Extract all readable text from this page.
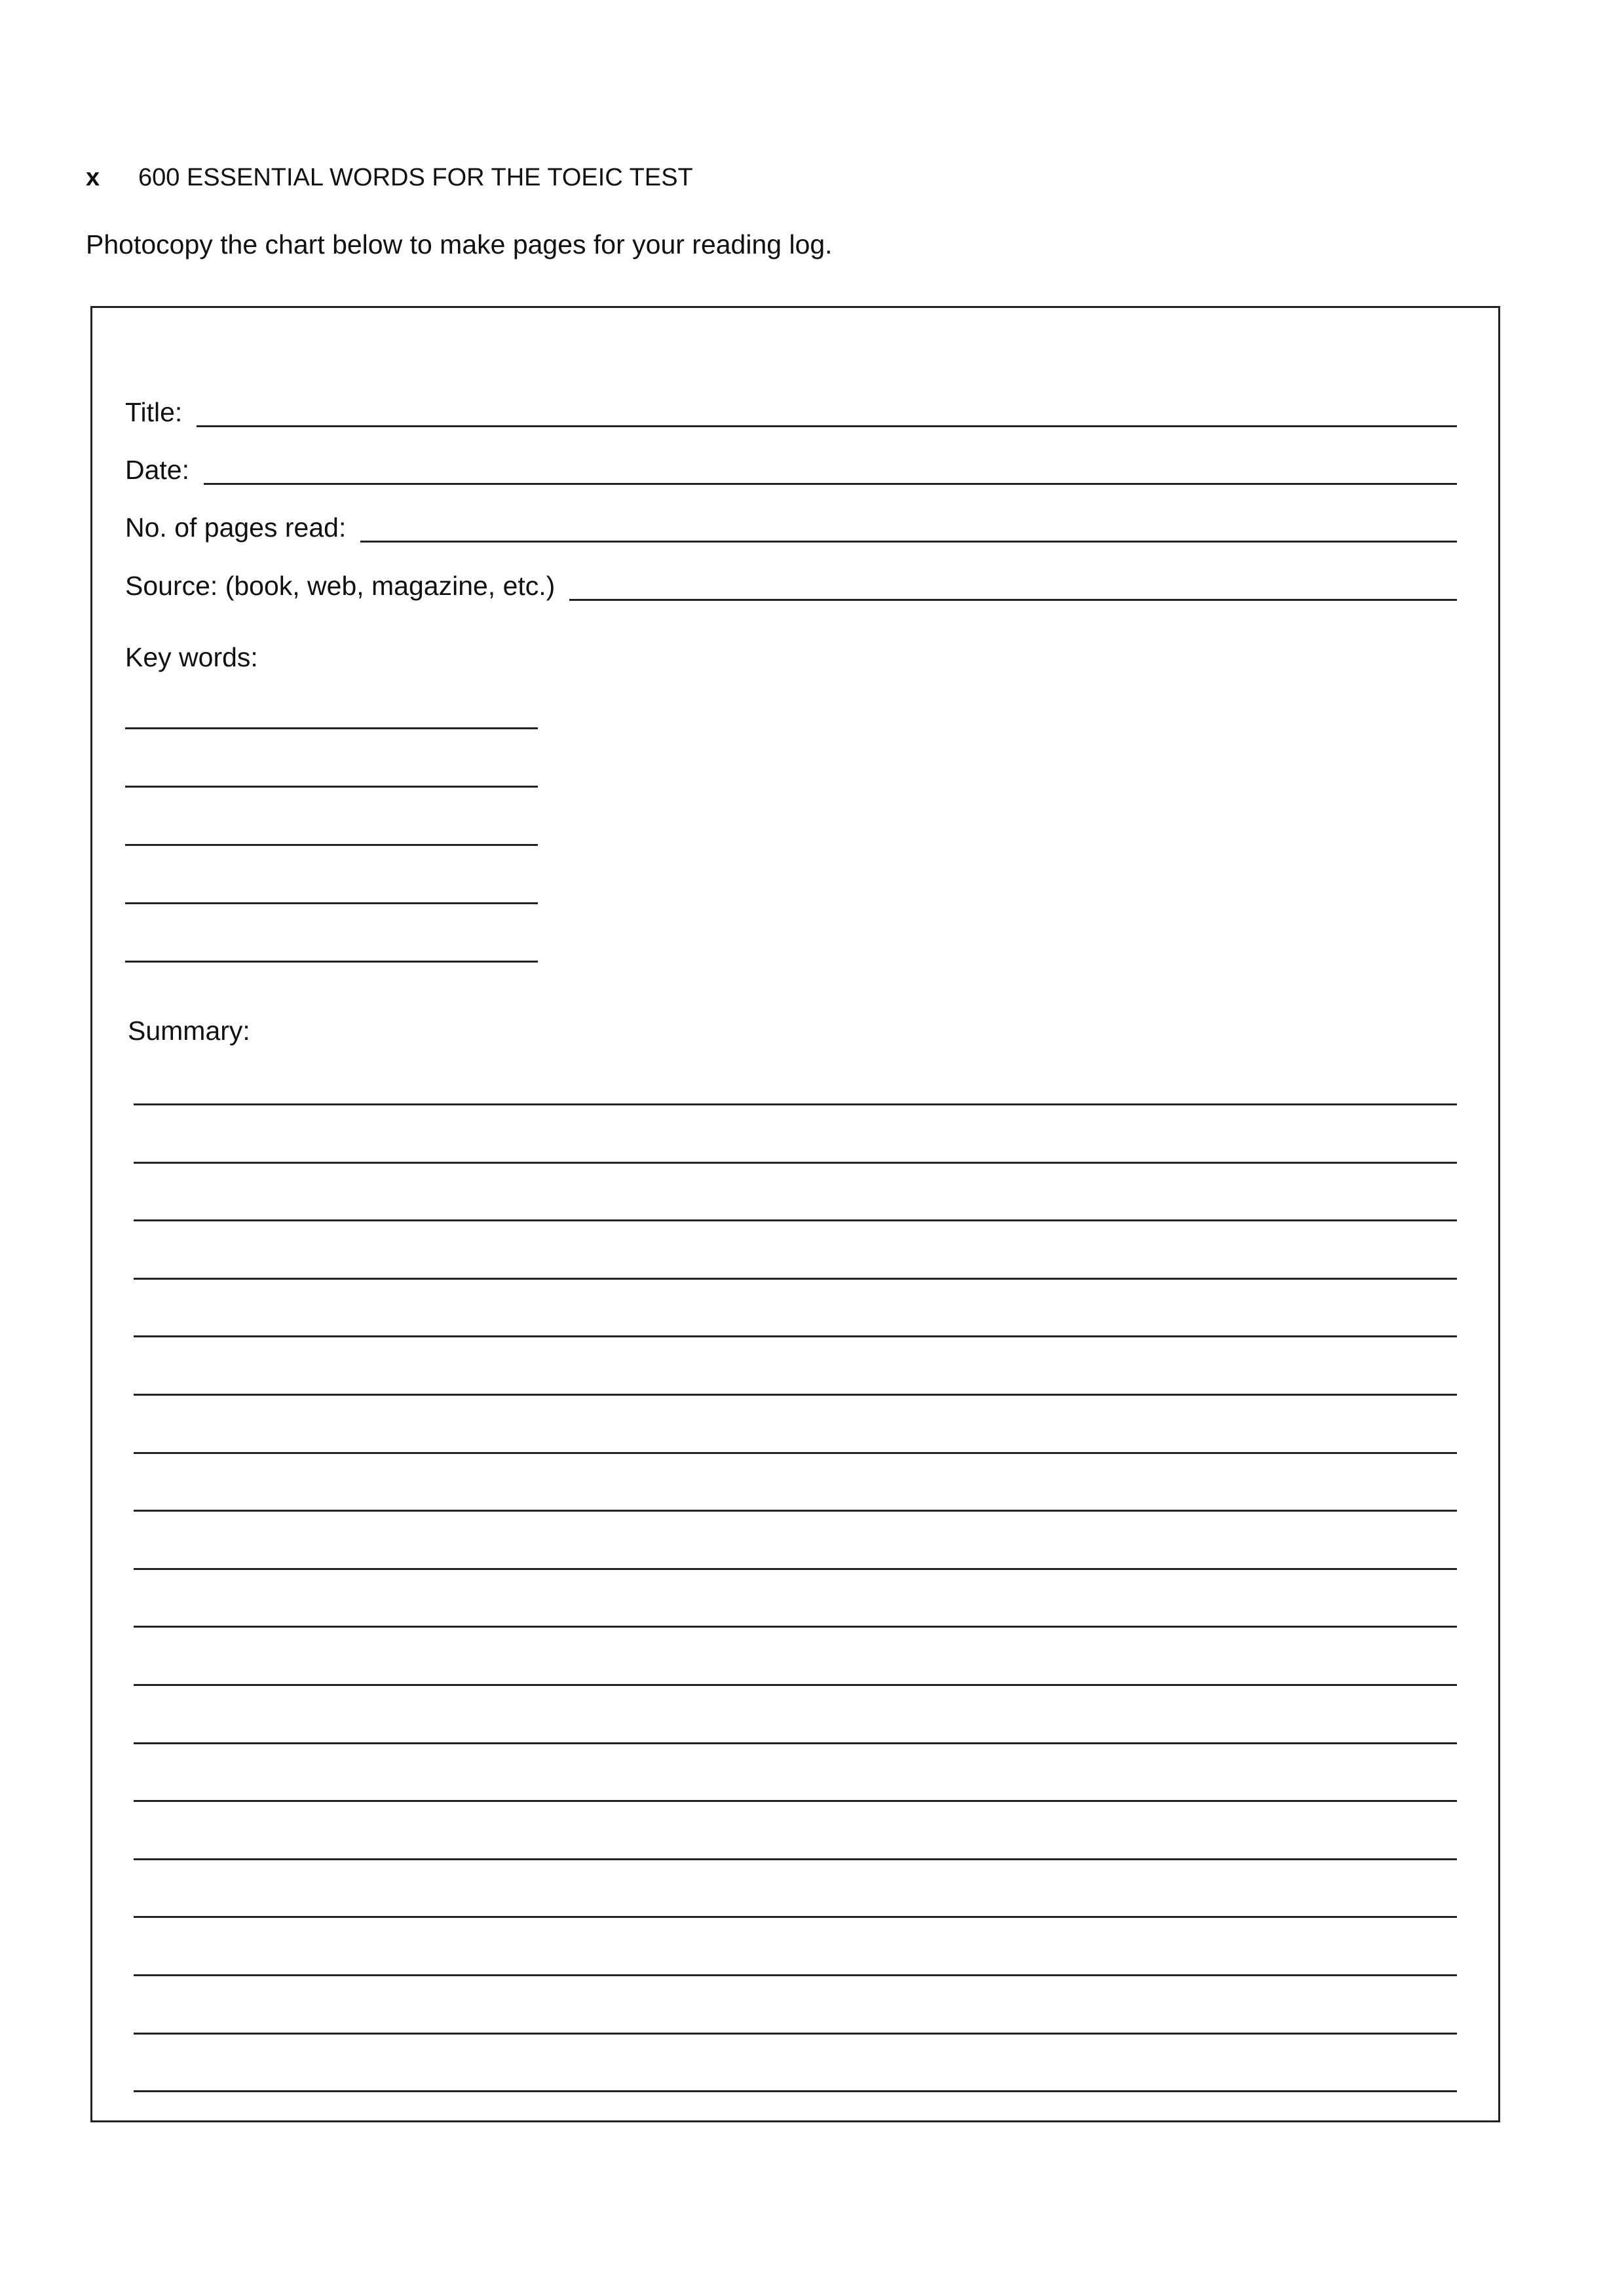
x 600 ESSENTIAL WORDS FOR THE TOEIC TEST
Photocopy the chart below to make pages for your reading log.
Title:
Date:
No. of pages read:
Source: (book, web, magazine, etc.)
Key words:
Summary:
